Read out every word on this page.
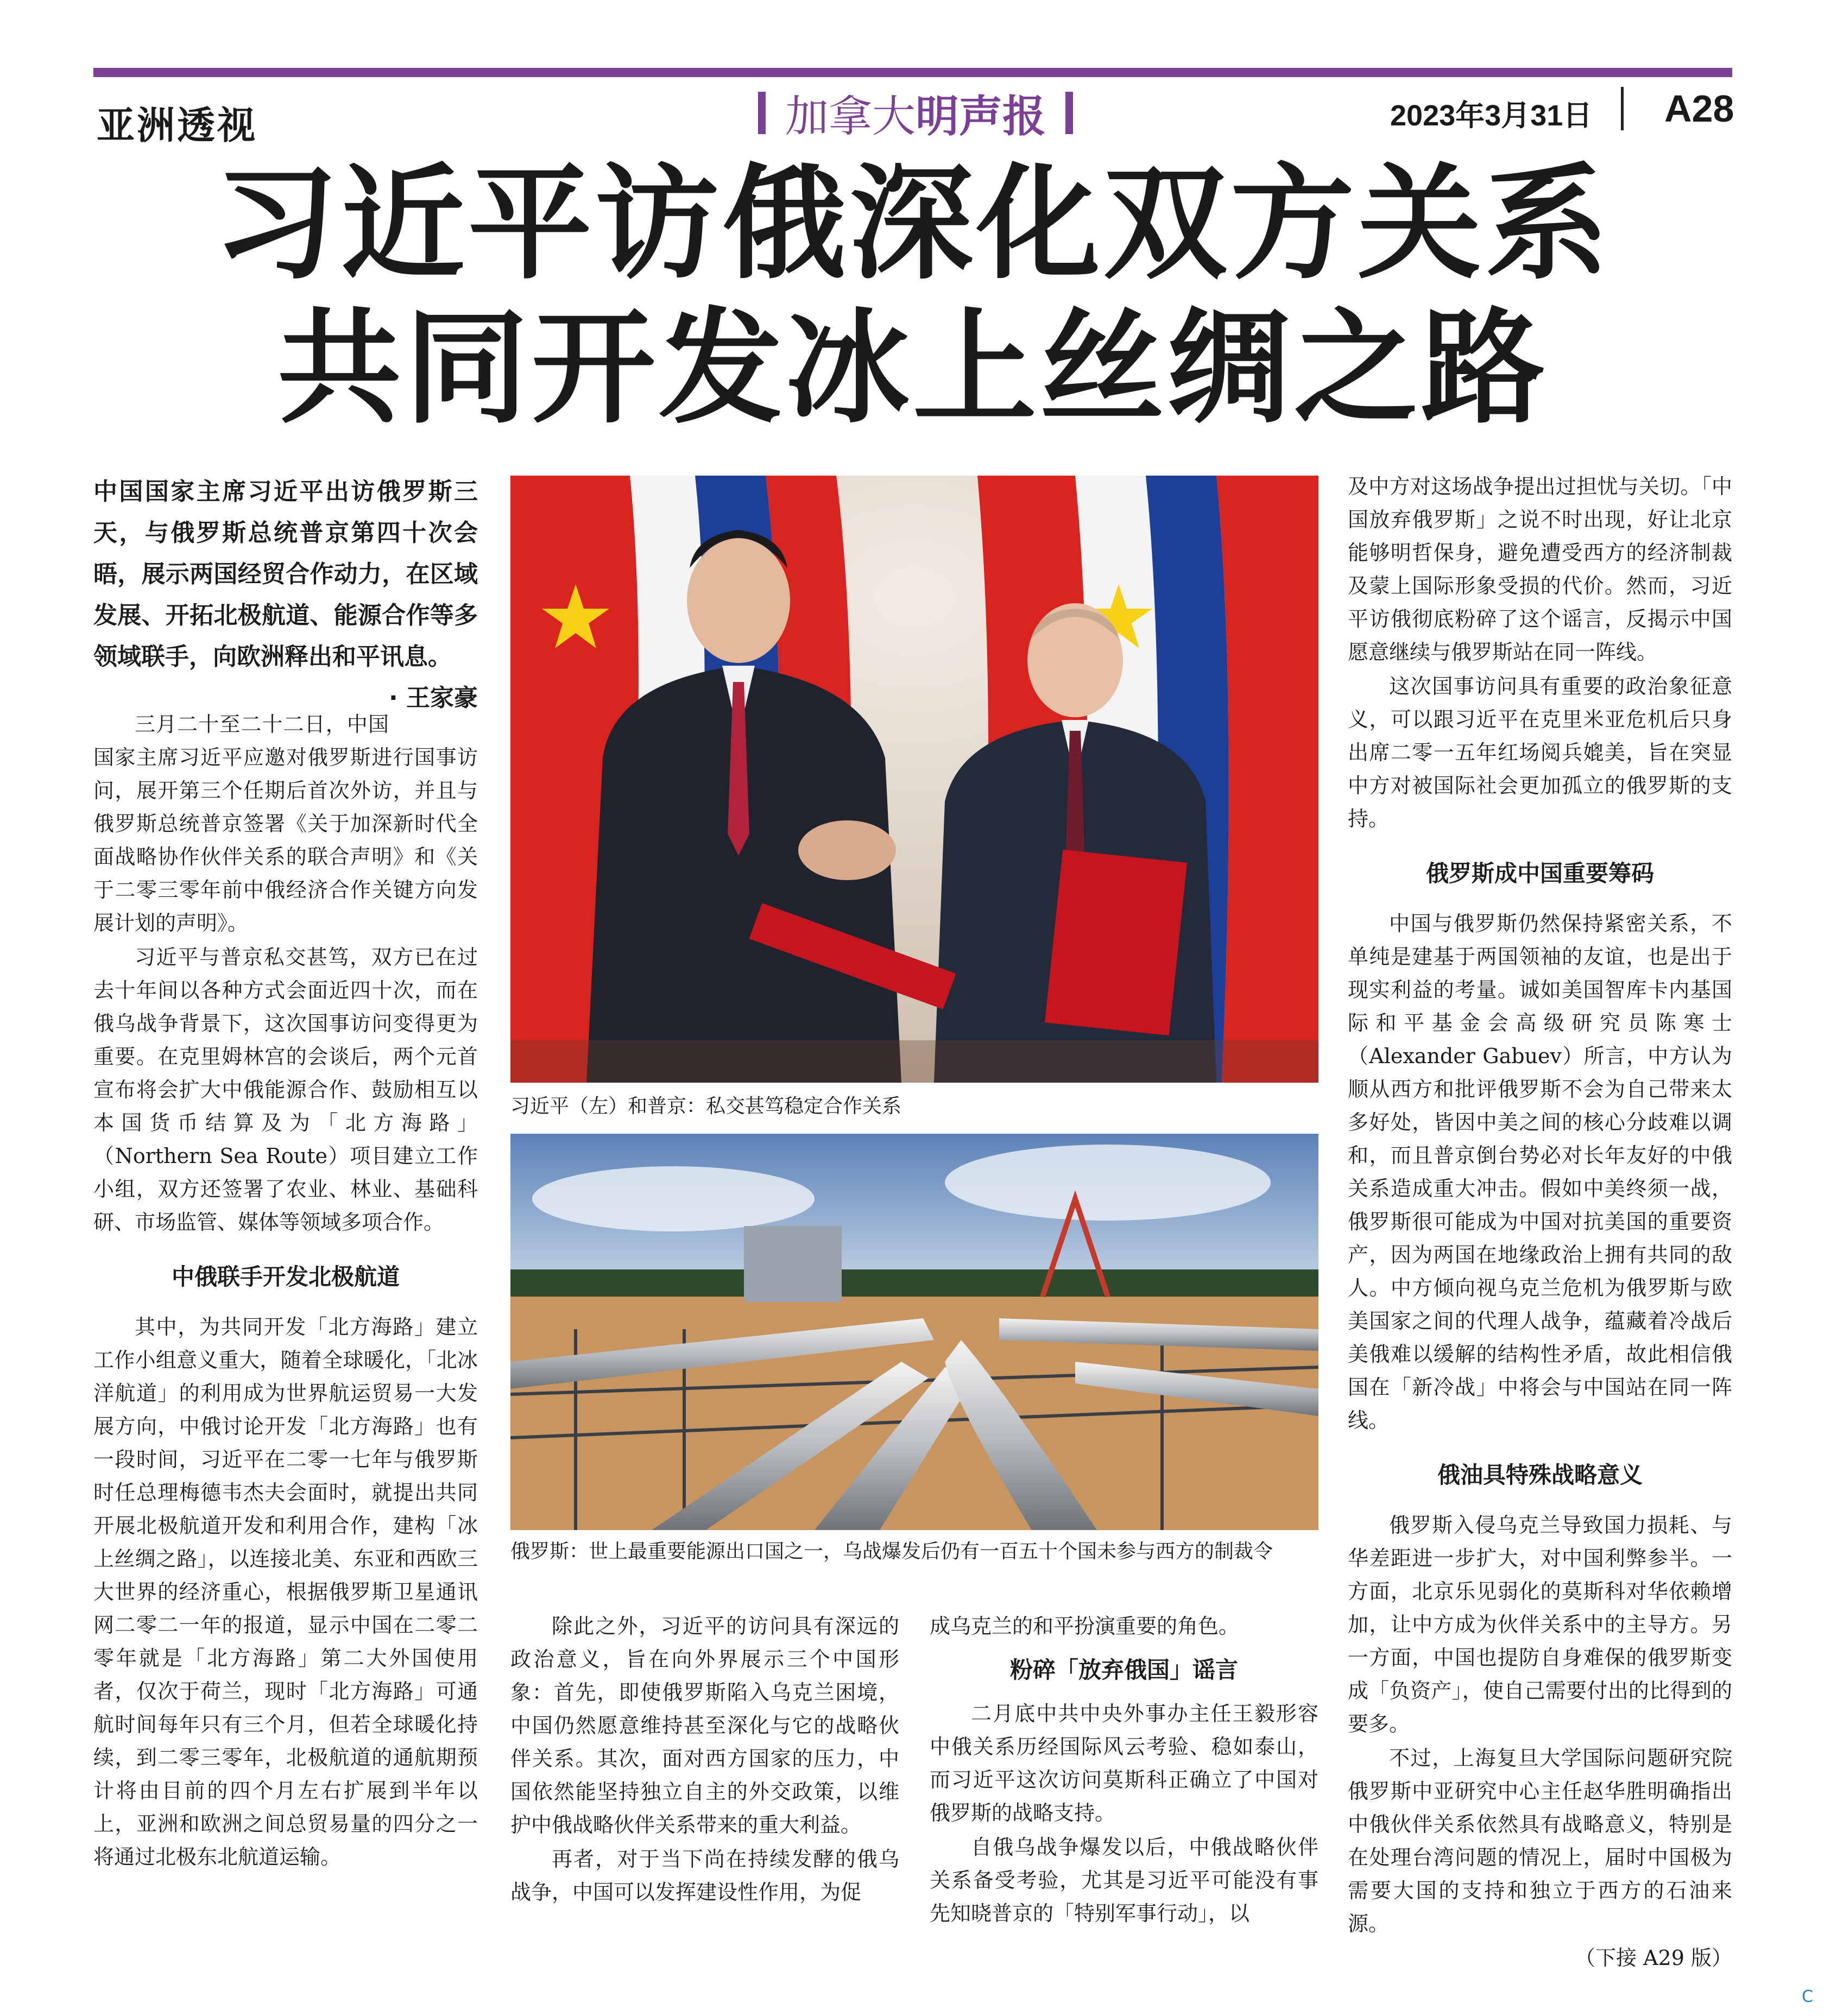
亚洲透视	加拿大 明声报	2023年3月31日 A28
习近平访俄深化双方关系
共同开发冰上丝绸之路
中国国家主席习近平出访俄罗斯三天，与俄罗斯总统普京第四十次会晤，展示两国经贸合作动力，在区域发展、开拓北极航道、能源合作等多领域联手，向欧洲释出和平讯息。
· 王家豪

三月二十至二十二日，中国国家主席习近平应邀对俄罗斯进行国事访问，展开第三个任期后首次外访，并且与俄罗斯总统普京签署《关于加深新时代全面战略协作伙伴关系的联合声明》和《关于二零三零年前中俄经济合作关键方向发展计划的声明》。

习近平与普京私交甚笃，双方已在过去十年间以各种方式会面近四十次，而在俄乌战争背景下，这次国事访问变得更为重要。在克里姆林宫的会谈后，两个元首宣布将会扩大中俄能源合作、鼓励相互以本国货币结算及为「北方海路」（Northern Sea Route）项目建立工作小组，双方还签署了农业、林业、基础科研、市场监管、媒体等领域多项合作。

中俄联手开发北极航道

其中，为共同开发「北方海路」建立工作小组意义重大，随着全球暖化，「北冰洋航道」的利用成为世界航运贸易一大发展方向，中俄讨论开发「北方海路」也有一段时间，习近平在二零一七年与俄罗斯时任总理梅德韦杰夫会面时，就提出共同开展北极航道开发和利用合作，建构「冰上丝绸之路」，以连接北美、东亚和西欧三大世界的经济重心，根据俄罗斯卫星通讯网二零二一年的报道，显示中国在二零二零年就是「北方海路」第二大外国使用者，仅次于荷兰，现时「北方海路」可通航时间每年只有三个月，但若全球暖化持续，到二零三零年，北极航道的通航期预计将由目前的四个月左右扩展到半年以上，亚洲和欧洲之间总贸易量的四分之一将通过北极东北航道运输。

习近平（左）和普京：私交甚笃稳定合作关系
俄罗斯：世上最重要能源出口国之一，乌战爆发后仍有一百五十个国未参与西方的制裁令

除此之外，习近平的访问具有深远的政治意义，旨在向外界展示三个中国形象：首先，即使俄罗斯陷入乌克兰困境，中国仍然愿意维持甚至深化与它的战略伙伴关系。其次，面对西方国家的压力，中国依然能坚持独立自主的外交政策，以维护中俄战略伙伴关系带来的重大利益。

再者，对于当下尚在持续发酵的俄乌战争，中国可以发挥建设性作用，为促

成乌克兰的和平扮演重要的角色。

粉碎「放弃俄国」谣言

二月底中共中央外事办主任王毅形容中俄关系历经国际风云考验、稳如泰山，而习近平这次访问莫斯科正确立了中国对俄罗斯的战略支持。

自俄乌战争爆发以后，中俄战略伙伴关系备受考验，尤其是习近平可能没有事先知晓普京的「特别军事行动」，以

及中方对这场战争提出过担忧与关切。「中国放弃俄罗斯」之说不时出现，好让北京能够明哲保身，避免遭受西方的经济制裁及蒙上国际形象受损的代价。然而，习近平访俄彻底粉碎了这个谣言，反揭示中国愿意继续与俄罗斯站在同一阵线。

这次国事访问具有重要的政治象征意义，可以跟习近平在克里米亚危机后只身出席二零一五年红场阅兵媲美，旨在突显中方对被国际社会更加孤立的俄罗斯的支持。

俄罗斯成中国重要筹码

中国与俄罗斯仍然保持紧密关系，不单纯是建基于两国领袖的友谊，也是出于现实利益的考量。诚如美国智库卡内基国际和平基金会高级研究员陈寒士（Alexander Gabuev）所言，中方认为顺从西方和批评俄罗斯不会为自己带来太多好处，皆因中美之间的核心分歧难以调和，而且普京倒台势必对长年友好的中俄关系造成重大冲击。假如中美终须一战，俄罗斯很可能成为中国对抗美国的重要资产，因为两国在地缘政治上拥有共同的敌人。中方倾向视乌克兰危机为俄罗斯与欧美国家之间的代理人战争，蕴藏着冷战后美俄难以缓解的结构性矛盾，故此相信俄国在「新冷战」中将会与中国站在同一阵线。

俄油具特殊战略意义

俄罗斯入侵乌克兰导致国力损耗、与华差距进一步扩大，对中国利弊参半。一方面，北京乐见弱化的莫斯科对华依赖增加，让中方成为伙伴关系中的主导方。另一方面，中国也提防自身难保的俄罗斯变成「负资产」，使自己需要付出的比得到的要多。

不过，上海复旦大学国际问题研究院俄罗斯中亚研究中心主任赵华胜明确指出中俄伙伴关系依然具有战略意义，特别是在处理台湾问题的情况上，届时中国极为需要大国的支持和独立于西方的石油来源。

（下接 A29 版）
C
